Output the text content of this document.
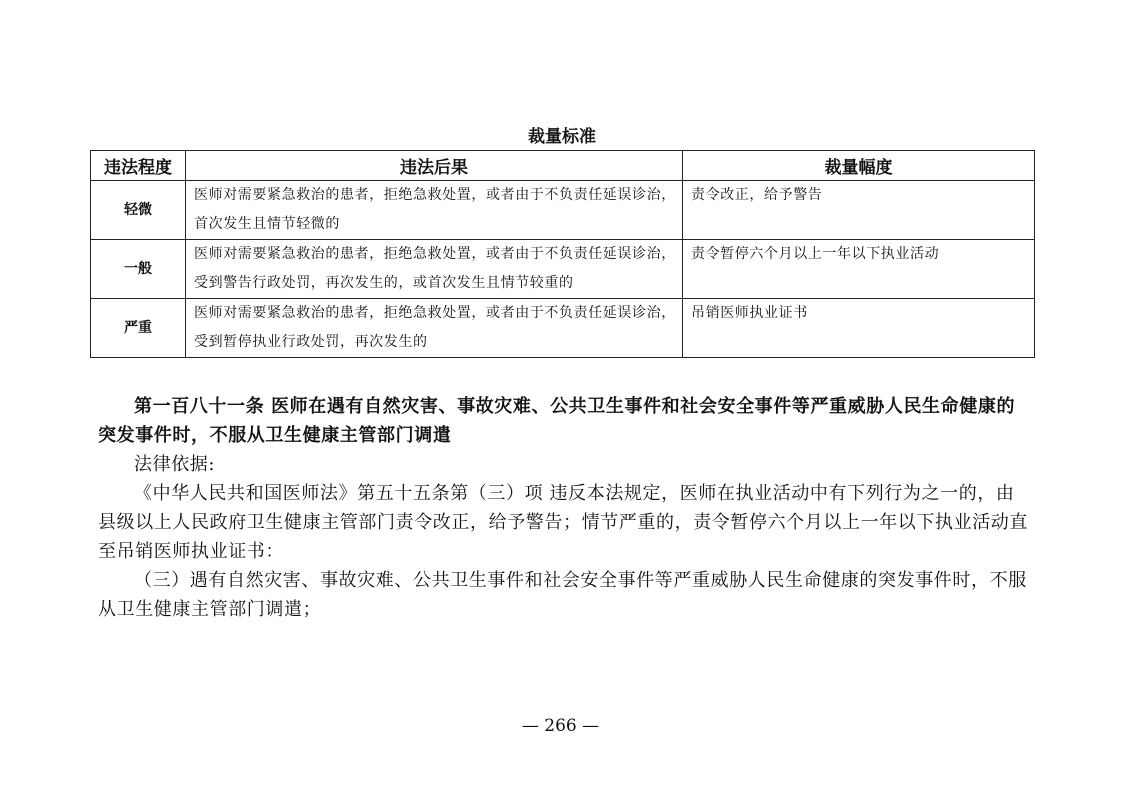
裁量标准
违法程度	违法后果	裁量幅度
轻微	医师对需要紧急救治的患者，拒绝急救处置，或者由于不负责任延误诊治，首次发生且情节轻微的	责令改正，给予警告
一般	医师对需要紧急救治的患者，拒绝急救处置，或者由于不负责任延误诊治，受到警告行政处罚，再次发生的，或首次发生且情节较重的	责令暂停六个月以上一年以下执业活动
严重	医师对需要紧急救治的患者，拒绝急救处置，或者由于不负责任延误诊治，受到暂停执业行政处罚，再次发生的	吊销医师执业证书

第一百八十一条 医师在遇有自然灾害、事故灾难、公共卫生事件和社会安全事件等严重威胁人民生命健康的突发事件时，不服从卫生健康主管部门调遣

法律依据:

《中华人民共和国医师法》第五十五条第（三）项 违反本法规定，医师在执业活动中有下列行为之一的，由县级以上人民政府卫生健康主管部门责令改正，给予警告；情节严重的，责令暂停六个月以上一年以下执业活动直至吊销医师执业证书：

（三）遇有自然灾害、事故灾难、公共卫生事件和社会安全事件等严重威胁人民生命健康的突发事件时，不服从卫生健康主管部门调遣；

— 266 —
